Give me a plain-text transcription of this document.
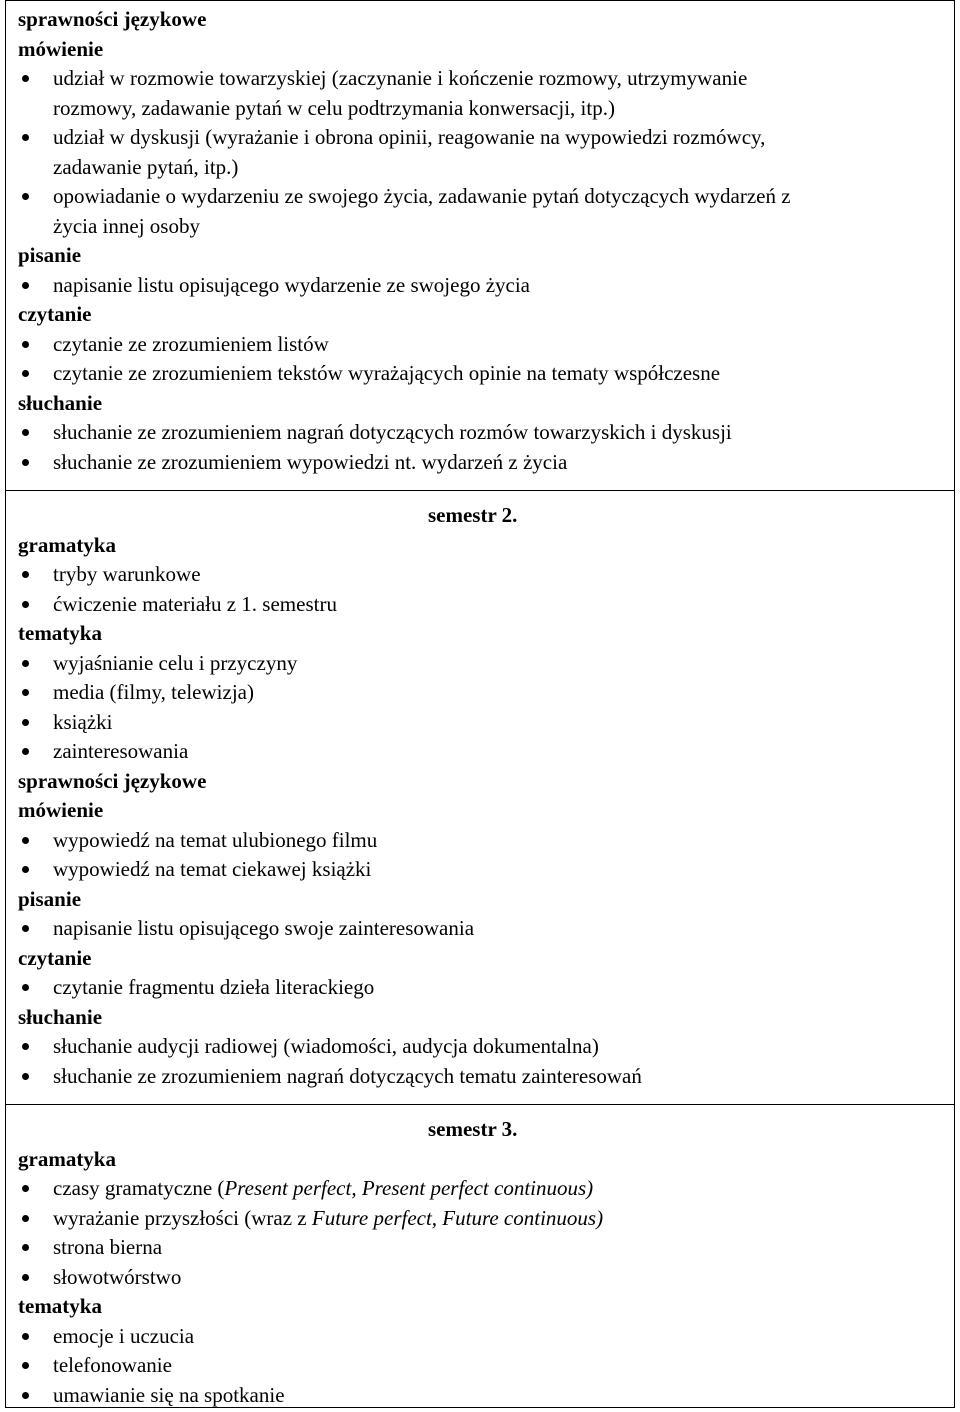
sprawności językowe
mówienie
udział w rozmowie towarzyskiej (zaczynanie i kończenie rozmowy, utrzymywanie
rozmowy, zadawanie pytań w celu podtrzymania konwersacji, itp.)
udział w dyskusji (wyrażanie i obrona opinii, reagowanie na wypowiedzi rozmówcy,
zadawanie pytań, itp.)
opowiadanie o wydarzeniu ze swojego życia, zadawanie pytań dotyczących wydarzeń z
życia innej osoby
pisanie
napisanie listu opisującego wydarzenie ze swojego życia
czytanie
czytanie ze zrozumieniem listów
czytanie ze zrozumieniem tekstów wyrażających opinie na tematy współczesne
słuchanie
słuchanie ze zrozumieniem nagrań dotyczących rozmów towarzyskich i dyskusji
słuchanie ze zrozumieniem wypowiedzi nt. wydarzeń z życia
semestr 2.
gramatyka
tryby warunkowe
ćwiczenie materiału z 1. semestru
tematyka
wyjaśnianie celu i przyczyny
media (filmy, telewizja)
książki
zainteresowania
sprawności językowe
mówienie
wypowiedź na temat ulubionego filmu
wypowiedź na temat ciekawej książki
pisanie
napisanie listu opisującego swoje zainteresowania
czytanie
czytanie fragmentu dzieła literackiego
słuchanie
słuchanie audycji radiowej (wiadomości, audycja dokumentalna)
słuchanie ze zrozumieniem nagrań dotyczących tematu zainteresowań
semestr 3.
gramatyka
czasy gramatyczne (Present perfect, Present perfect continuous)
wyrażanie przyszłości (wraz z Future perfect, Future continuous)
strona bierna
słowotwórstwo
tematyka
emocje i uczucia
telefonowanie
umawianie się na spotkanie
